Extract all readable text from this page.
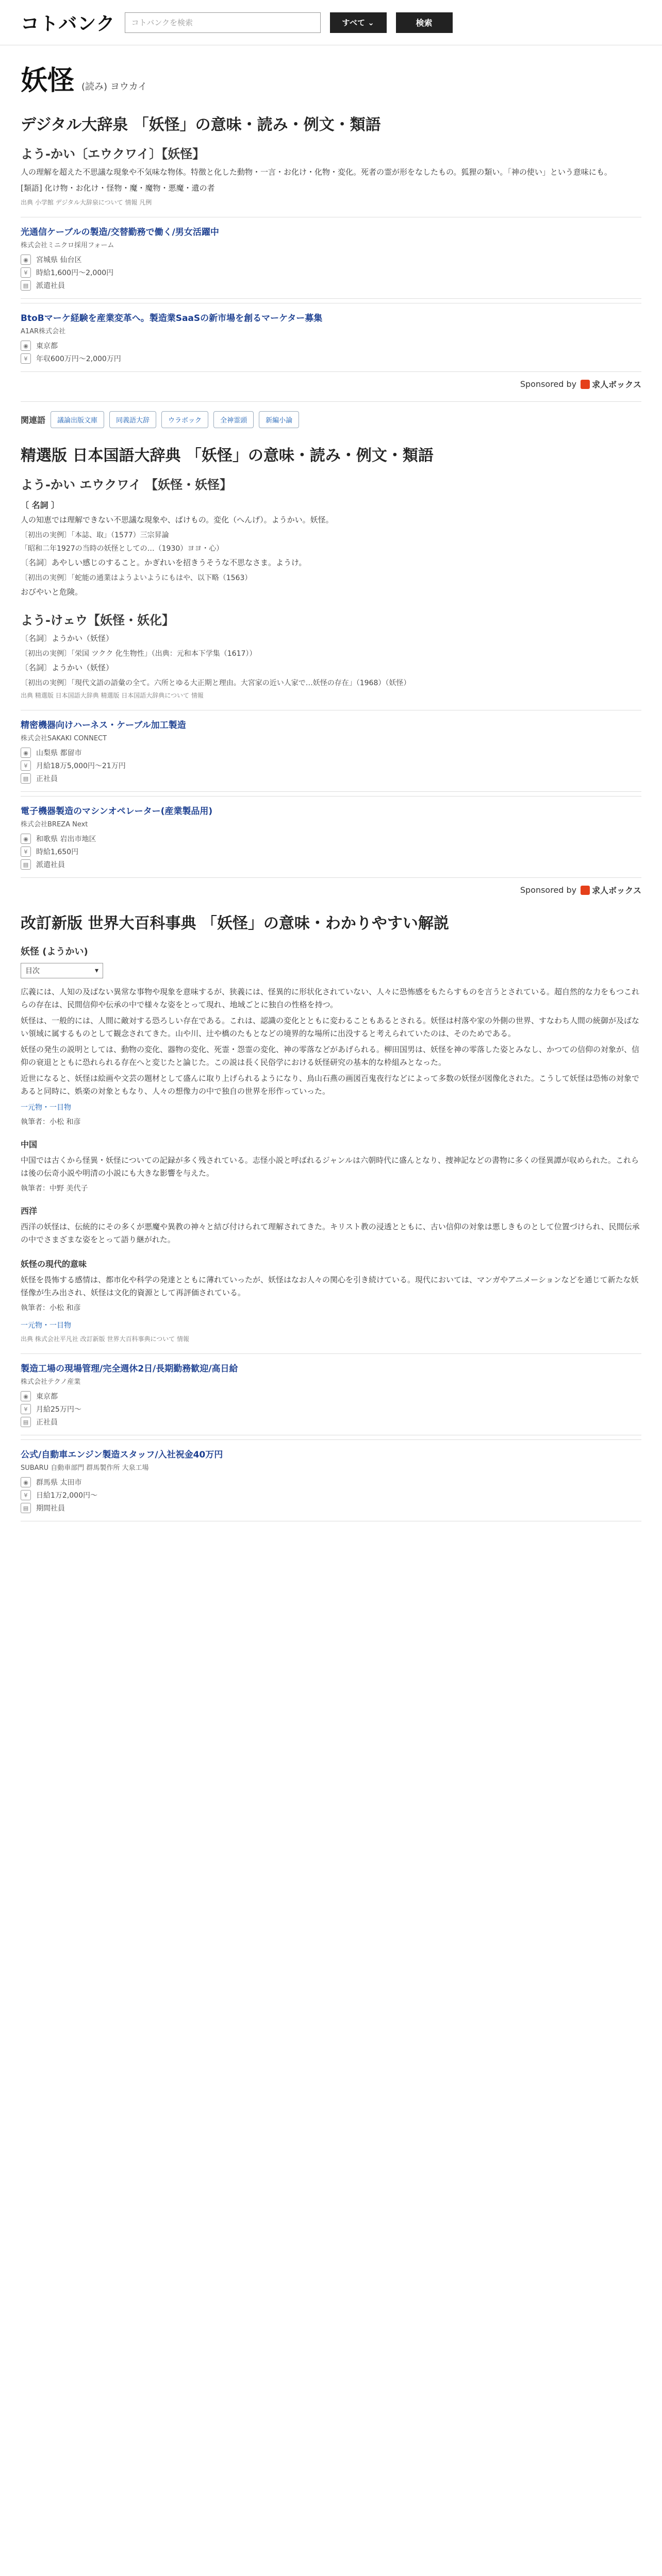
コトバンク	コトバンクを検索	すべて ⌄	検索
妖怪 (読み) ヨウカイ
デジタル大辞泉 「妖怪」の意味・読み・例文・類語
よう‐かい〔エウクワイ〕【妖怪】

人の理解を超えた不思議な現象や不気味な物体。特徴と化した動物・一言・お化け・化物・変化。死者の霊が形をなしたもの。狐狸の類い。「神の使い」という意味にも。

[類語] 化け物・お化け・怪物・魔・魔物・悪魔・遺の者

出典 小学館 デジタル大辞泉について 情報 凡例
光通信ケーブルの製造/交替勤務で働く/男女活躍中
株式会社ミニクロ採用フォーム
◉	宮城県 仙台区
¥	時給1,600円〜2,000円
▤	派遣社員
BtoBマーケ経験を産業変革へ。製造業SaaSの新市場を創るマーケター募集
A1AR株式会社
◉	東京都
¥	年収600万円〜2,000万円
Sponsored by 求人ボックス
関連語	議論出版文庫	同義語大辞	ウラボック	全神霊頭	新編小論
精選版 日本国語大辞典 「妖怪」の意味・読み・例文・類語
よう‐かい エウクワイ 【妖怪・妖怪】
〔 名詞 〕

人の知恵では理解できない不思議な現象や、ばけもの。変化（へんげ）。ようかい。妖怪。

〔初出の実例〕「本誌、取」（1577）三宗昇論

「昭和二年1927の当時の妖怪としての…（1930）ヨヨ・心）

〔名詞〕あやしい感じのすること。かぎれいを招きうそうな不思なさま。ようけ。

〔初出の実例〕「蛇能の通業はようよいようにもはや、以下略（1563）

おびやいと危険。

よう‐けェウ【妖怪・妖化】

〔名詞〕ようかい（妖怪）

〔初出の実例〕「栄国 ツクク 化生物性」（出典：元和本下学集（1617））

〔名詞〕ようかい（妖怪）

〔初出の実例〕「現代文語の語彙の全て。六所とゆる大正期と理由。大宮家の近い人家で…妖怪の存在」（1968）（妖怪）

出典 精選版 日本国語大辞典 精選版 日本国語大辞典について 情報
精密機器向けハーネス・ケーブル加工製造
株式会社SAKAKI CONNECT
◉	山梨県 都留市
¥	月給18万5,000円〜21万円
▤	正社員
電子機器製造のマシンオペレーター(産業製品用)
株式会社BREZA Next
◉	和歌県 岩出市地区
¥	時給1,650円
▤	派遣社員
Sponsored by 求人ボックス
改訂新版 世界大百科事典 「妖怪」の意味・わかりやすい解説
妖怪 (ようかい)
目次	▾

広義には、人知の及ばない異常な事物や現象を意味するが、狭義には、怪異的に形状化されていない、人々に恐怖感をもたらすものを言うとされている。超自然的な力をもつこれらの存在は、民間信仰や伝承の中で様々な姿をとって現れ、地域ごとに独自の性格を持つ。

妖怪は、一般的には、人間に敵対する恐ろしい存在である。これは、認識の変化とともに変わることもあるとされる。妖怪は村落や家の外側の世界、すなわち人間の統御が及ばない領域に属するものとして観念されてきた。山や川、辻や橋のたもとなどの境界的な場所に出没すると考えられていたのは、そのためである。

妖怪の発生の説明としては、動物の変化、器物の変化、死霊・怨霊の変化、神の零落などがあげられる。柳田国男は、妖怪を神の零落した姿とみなし、かつての信仰の対象が、信仰の衰退とともに恐れられる存在へと変じたと論じた。この説は長く民俗学における妖怪研究の基本的な枠組みとなった。

近世になると、妖怪は絵画や文芸の題材として盛んに取り上げられるようになり、鳥山石燕の画図百鬼夜行などによって多数の妖怪が図像化された。こうして妖怪は恐怖の対象であると同時に、娯楽の対象ともなり、人々の想像力の中で独自の世界を形作っていった。

一元物・一目物
執筆者：小松 和彦
中国

中国では古くから怪異・妖怪についての記録が多く残されている。志怪小説と呼ばれるジャンルは六朝時代に盛んとなり、捜神記などの書物に多くの怪異譚が収められた。これらは後の伝奇小説や明清の小説にも大きな影響を与えた。

執筆者：中野 美代子
西洋

西洋の妖怪は、伝統的にその多くが悪魔や異教の神々と結び付けられて理解されてきた。キリスト教の浸透とともに、古い信仰の対象は悪しきものとして位置づけられ、民間伝承の中でさまざまな姿をとって語り継がれた。

妖怪の現代的意味

妖怪を畏怖する感情は、都市化や科学の発達とともに薄れていったが、妖怪はなお人々の関心を引き続けている。現代においては、マンガやアニメーションなどを通じて新たな妖怪像が生み出され、妖怪は文化的資源として再評価されている。

執筆者：小松 和彦
一元物・一目物
出典 株式会社平凡社 改訂新版 世界大百科事典について 情報
製造工場の現場管理/完全週休2日/長期勤務歓迎/高日給
株式会社テクノ産業
◉	東京都
¥	月給25万円〜
▤	正社員
公式/自動車エンジン製造スタッフ/入社祝金40万円
SUBARU 自動車部門 群馬製作所 大泉工場
◉	群馬県 太田市
¥	日給1万2,000円〜
▤	期間社員
